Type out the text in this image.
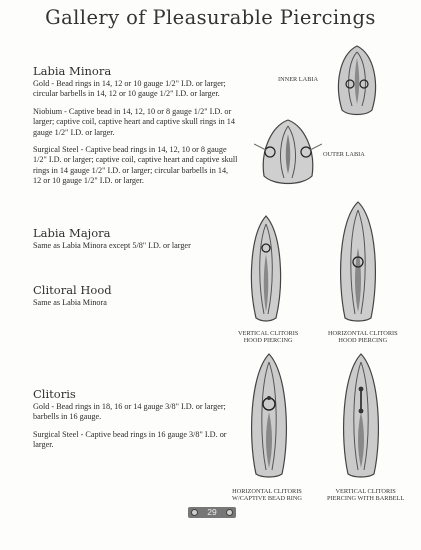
Gallery of Pleasurable Piercings
Labia Minora

Gold - Bead rings in 14, 12 or 10 gauge 1/2" I.D. or larger; circular barbells in 14, 12 or 10 gauge 1/2" I.D. or larger.

Niobium - Captive bead in 14, 12, 10 or 8 gauge 1/2" I.D. or larger; captive coil, captive heart and captive skull rings in 14 gauge 1/2" I.D. or larger.

Surgical Steel - Captive bead rings in 14, 12, 10 or 8 gauge 1/2" I.D. or larger; captive coil, captive heart and captive skull rings in 14 gauge 1/2" I.D. or larger; circular barbells in 14, 12 or 10 gauge 1/2" I.D. or larger.

Labia Majora

Same as Labia Minora except 5/8" I.D. or larger

Clitoral Hood

Same as Labia Minora

Clitoris

Gold - Bead rings in 18, 16 or 14 gauge 3/8" I.D. or larger; barbells in 16 gauge.

Surgical Steel - Captive bead rings in 16 gauge 3/8" I.D. or larger.

INNER LABIA
OUTER LABIA
VERTICAL CLITORIS
HOOD PIERCING
HORIZONTAL CLITORIS
HOOD PIERCING
HORIZONTAL CLITORIS
W/CAPTIVE BEAD RING
VERTICAL CLITORIS
PIERCING WITH BARBELL
29
